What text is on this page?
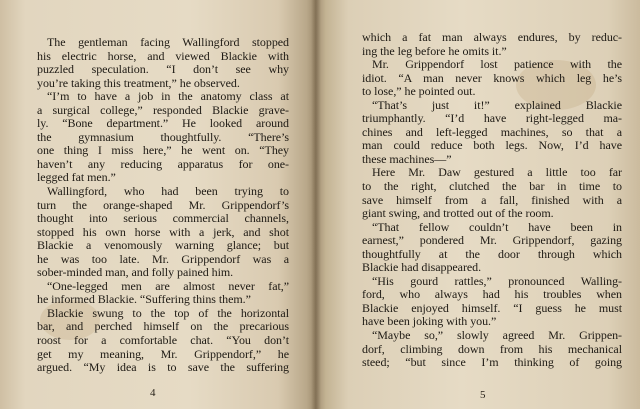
The gentleman facing Wallingford stopped
his electric horse, and viewed Blackie with
puzzled speculation. “I don’t see why
you’re taking this treatment,” he observed.
“I’m to have a job in the anatomy class at
a surgical college,” responded Blackie grave-
ly. “Bone department.” He looked around
the gymnasium thoughtfully. “There’s
one thing I miss here,” he went on. “They
haven’t any reducing apparatus for one-
legged fat men.”
Wallingford, who had been trying to
turn the orange-shaped Mr. Grippendorf’s
thought into serious commercial channels,
stopped his own horse with a jerk, and shot
Blackie a venomously warning glance; but
he was too late. Mr. Grippendorf was a
sober-minded man, and folly pained him.
“One-legged men are almost never fat,”
he informed Blackie. “Suffering thins them.”
Blackie swung to the top of the horizontal
bar, and perched himself on the precarious
roost for a comfortable chat. “You don’t
get my meaning, Mr. Grippendorf,” he
argued. “My idea is to save the suffering
4
which a fat man always endures, by reduc-
ing the leg before he omits it.”
Mr. Grippendorf lost patience with the
idiot. “A man never knows which leg he’s
to lose,” he pointed out.
“That’s just it!” explained Blackie
triumphantly. “I’d have right-legged ma-
chines and left-legged machines, so that a
man could reduce both legs. Now, I’d have
these machines—”
Here Mr. Daw gestured a little too far
to the right, clutched the bar in time to
save himself from a fall, finished with a
giant swing, and trotted out of the room.
“That fellow couldn’t have been in
earnest,” pondered Mr. Grippendorf, gazing
thoughtfully at the door through which
Blackie had disappeared.
“His gourd rattles,” pronounced Walling-
ford, who always had his troubles when
Blackie enjoyed himself. “I guess he must
have been joking with you.”
“Maybe so,” slowly agreed Mr. Grippen-
dorf, climbing down from his mechanical
steed; “but since I’m thinking of going
5
